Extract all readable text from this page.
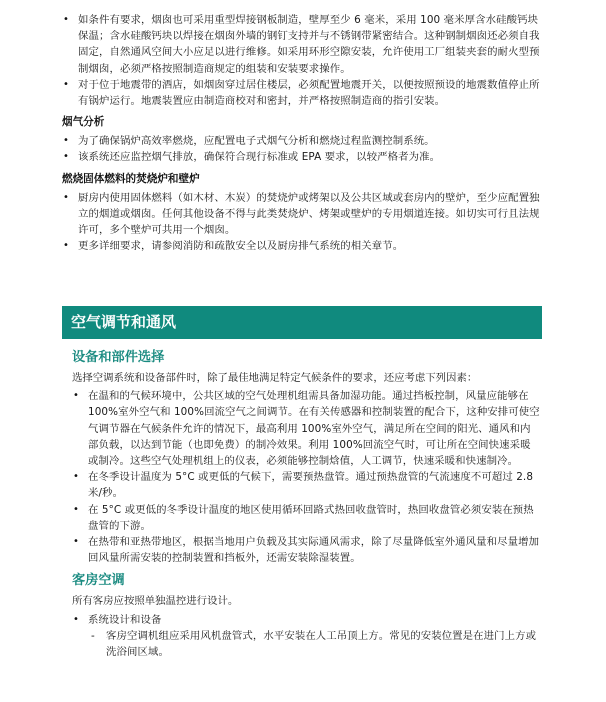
• 如条件有要求，烟囱也可采用重型焊接钢板制造，壁厚至少 6 毫米，采用 100 毫米厚含水硅酸钙块保温；含水硅酸钙块以焊接在烟囱外墙的钢钉支持并与不锈钢带紧密结合。这种钢制烟囱还必须自我固定，自然通风空间大小应足以进行维修。如采用环形空隙安装，允许使用工厂组装夹套的耐火型预制烟囱，必须严格按照制造商规定的组装和安装要求操作。
• 对于位于地震带的酒店，如烟囱穿过居住楼层，必须配置地震开关，以便按照预设的地震数值停止所有锅炉运行。地震装置应由制造商校对和密封，并严格按照制造商的指引安装。
烟气分析
• 为了确保锅炉高效率燃烧，应配置电子式烟气分析和燃烧过程监测控制系统。
• 该系统还应监控烟气排放，确保符合现行标准或 EPA 要求，以较严格者为准。
燃烧固体燃料的焚烧炉和壁炉
• 厨房内使用固体燃料（如木材、木炭）的焚烧炉或烤架以及公共区域或套房内的壁炉，至少应配置独立的烟道或烟囱。任何其他设备不得与此类焚烧炉、烤架或壁炉的专用烟道连接。如切实可行且法规许可，多个壁炉可共用一个烟囱。
• 更多详细要求，请参阅消防和疏散安全以及厨房排气系统的相关章节。
空气调节和通风
设备和部件选择
选择空调系统和设备部件时，除了最佳地满足特定气候条件的要求，还应考虑下列因素：
• 在温和的气候环境中，公共区域的空气处理机组需具备加湿功能。通过挡板控制，风量应能够在 100%室外空气和 100%回流空气之间调节。在有关传感器和控制装置的配合下，这种安排可使空气调节器在气候条件允许的情况下，最高利用 100%室外空气，满足所在空间的阳光、通风和内部负载，以达到节能（也即免费）的制冷效果。利用 100%回流空气时，可让所在空间快速采暖或制冷。这些空气处理机组上的仪表，必须能够控制焓值，人工调节，快速采暖和快速制冷。
• 在冬季设计温度为 5°C 或更低的气候下，需要预热盘管。通过预热盘管的气流速度不可超过 2.8 米/秒。
• 在 5°C 或更低的冬季设计温度的地区使用循环回路式热回收盘管时，热回收盘管必须安装在预热盘管的下游。
• 在热带和亚热带地区，根据当地用户负载及其实际通风需求，除了尽量降低室外通风量和尽量增加回风量所需安装的控制装置和挡板外，还需安装除湿装置。
客房空调
所有客房应按照单独温控进行设计。
• 系统设计和设备
- 客房空调机组应采用风机盘管式，水平安装在人工吊顶上方。常见的安装位置是在进门上方或洗浴间区域。
